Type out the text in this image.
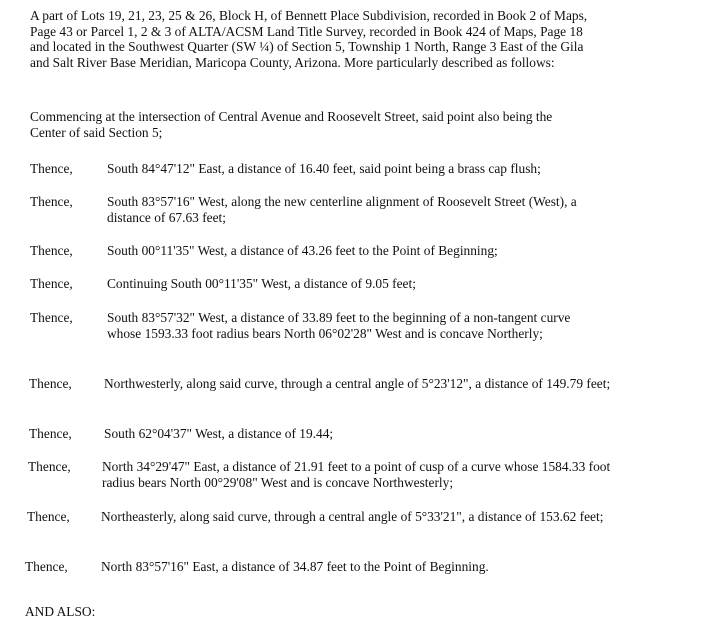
A part of Lots 19, 21, 23, 25 & 26, Block H, of Bennett Place Subdivision, recorded in Book 2 of Maps, Page 43 or Parcel 1, 2 & 3 of ALTA/ACSM Land Title Survey, recorded in Book 424 of Maps, Page 18 and located in the Southwest Quarter (SW ¼) of Section 5, Township 1 North, Range 3 East of the Gila and Salt River Base Meridian, Maricopa County, Arizona. More particularly described as follows:

Commencing at the intersection of Central Avenue and Roosevelt Street, said point also being the Center of said Section 5;

Thence,	South 84°47'12" East, a distance of 16.40 feet, said point being a brass cap flush;
Thence,	South 83°57'16" West, along the new centerline alignment of Roosevelt Street (West), a distance of 67.63 feet;
Thence,	South 00°11'35" West, a distance of 43.26 feet to the Point of Beginning;
Thence,	Continuing South 00°11'35" West, a distance of 9.05 feet;
Thence,	South 83°57'32" West, a distance of 33.89 feet to the beginning of a non-tangent curve whose 1593.33 foot radius bears North 06°02'28" West and is concave Northerly;
Thence, Northwesterly, along said curve, through a central angle of 5°23'12", a distance of 149.79 feet;
Thence, South 62°04'37" West, a distance of 19.44;
Thence, North 34°29'47" East, a distance of 21.91 feet to a point of cusp of a curve whose 1584.33 foot radius bears North 00°29'08" West and is concave Northwesterly;
Thence, Northeasterly, along said curve, through a central angle of 5°33'21", a distance of 153.62 feet;
Thence, North 83°57'16" East, a distance of 34.87 feet to the Point of Beginning.

AND ALSO:
